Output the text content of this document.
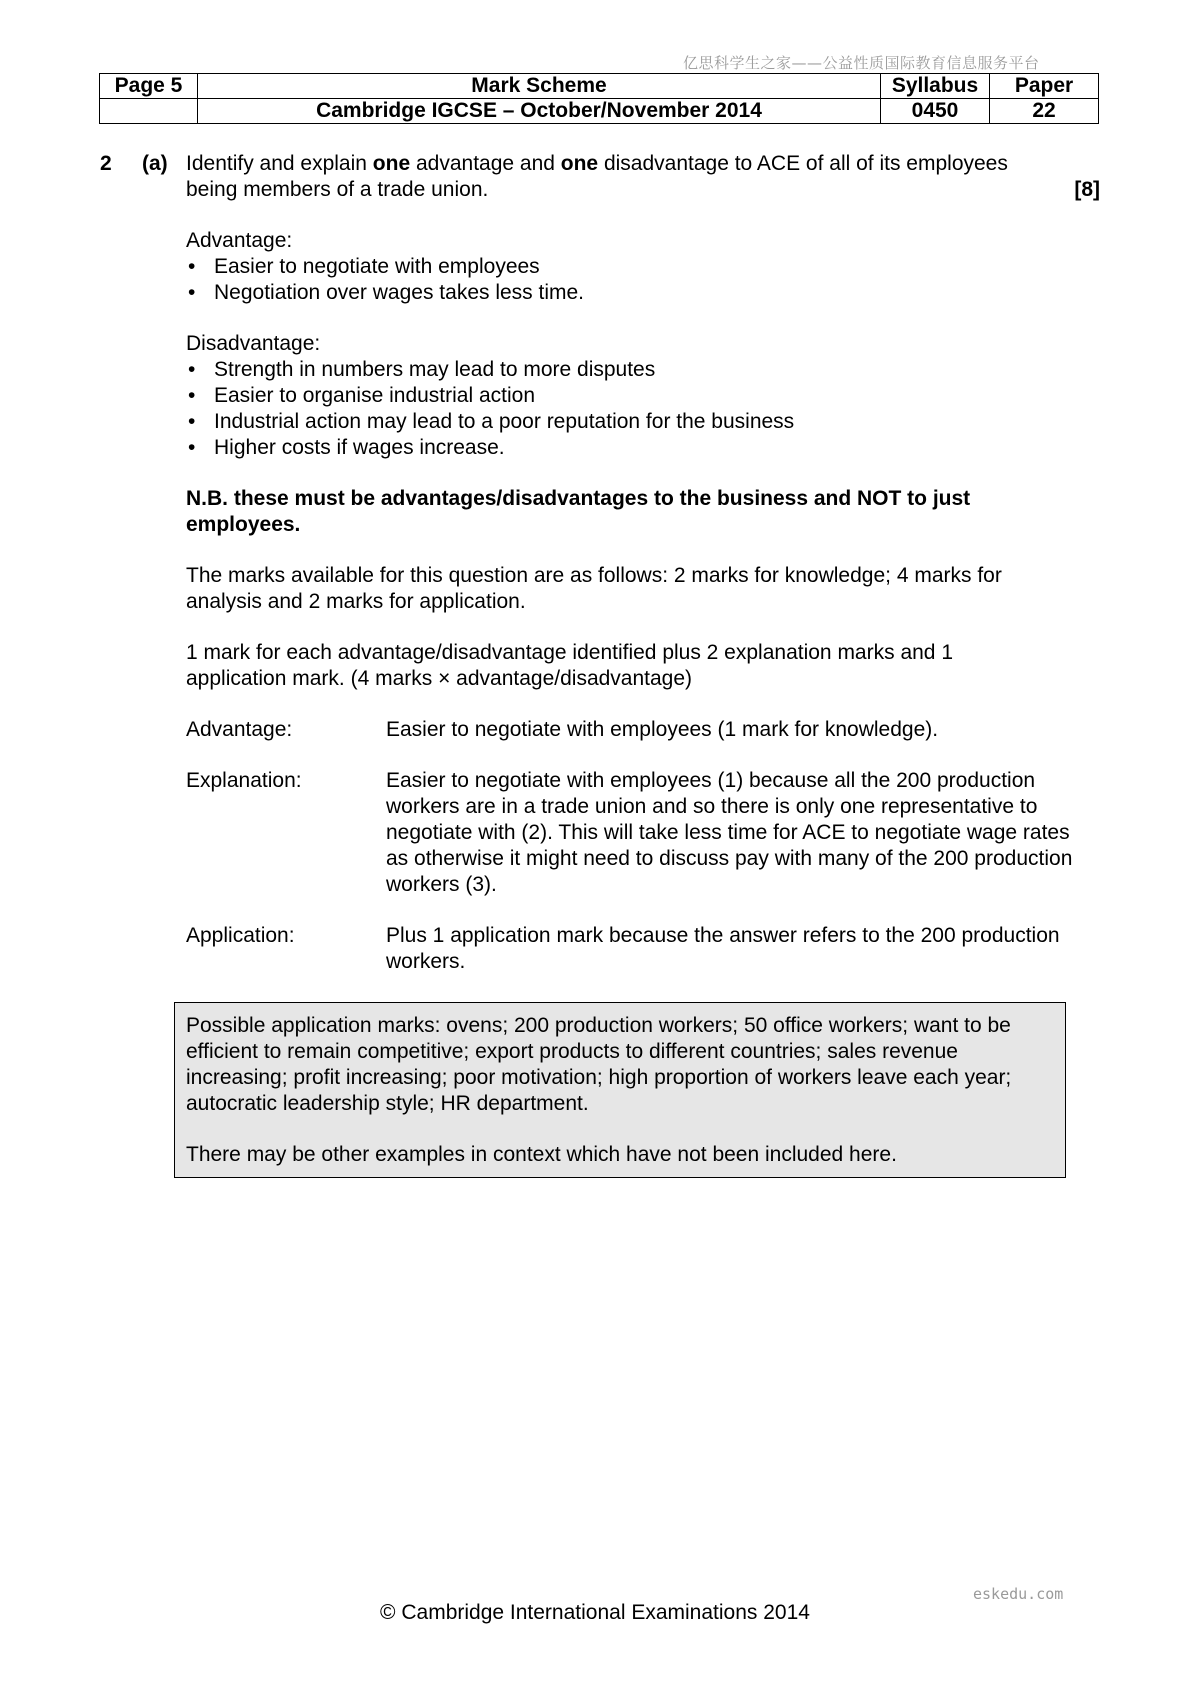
亿思科学生之家——公益性质国际教育信息服务平台
Page 5	Mark Scheme	Syllabus	Paper
	Cambridge IGCSE – October/November 2014	0450	22
2 (a) Identify and explain one advantage and one disadvantage to ACE of all of its employees being members of a trade union.	[8]

Advantage:

• Easier to negotiate with employees
• Negotiation over wages takes less time.

Disadvantage:

• Strength in numbers may lead to more disputes
• Easier to organise industrial action
• Industrial action may lead to a poor reputation for the business
• Higher costs if wages increase.

N.B. these must be advantages/disadvantages to the business and NOT to just employees.

The marks available for this question are as follows: 2 marks for knowledge; 4 marks for analysis and 2 marks for application.

1 mark for each advantage/disadvantage identified plus 2 explanation marks and 1 application mark. (4 marks × advantage/disadvantage)

Advantage:	Easier to negotiate with employees (1 mark for knowledge).
Explanation:	Easier to negotiate with employees (1) because all the 200 production workers are in a trade union and so there is only one representative to negotiate with (2). This will take less time for ACE to negotiate wage rates as otherwise it might need to discuss pay with many of the 200 production workers (3).
Application:	Plus 1 application mark because the answer refers to the 200 production workers.

Possible application marks: ovens; 200 production workers; 50 office workers; want to be efficient to remain competitive; export products to different countries; sales revenue increasing; profit increasing; poor motivation; high proportion of workers leave each year; autocratic leadership style; HR department.

There may be other examples in context which have not been included here.

eskedu.com
© Cambridge International Examinations 2014
